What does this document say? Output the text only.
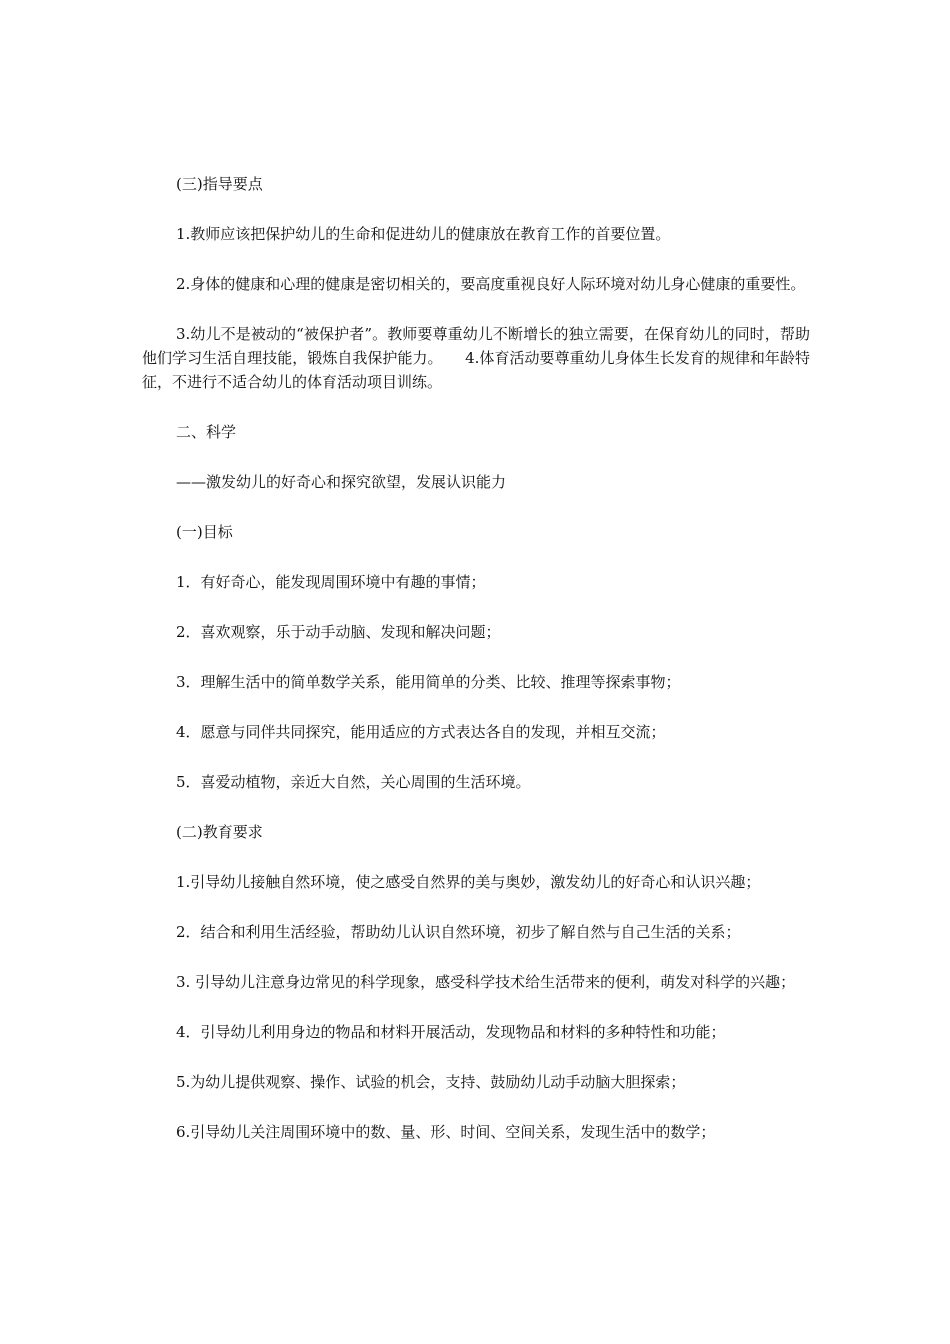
(三)指导要点

1.教师应该把保护幼儿的生命和促进幼儿的健康放在教育工作的首要位置。

2.身体的健康和心理的健康是密切相关的，要高度重视良好人际环境对幼儿身心健康的重要性。

3.幼儿不是被动的“被保护者”。教师要尊重幼儿不断增长的独立需要，在保育幼儿的同时，帮助他们学习生活自理技能，锻炼自我保护能力。　　4.体育活动要尊重幼儿身体生长发育的规律和年龄特征，不进行不适合幼儿的体育活动项目训练。

二、科学

——激发幼儿的好奇心和探究欲望，发展认识能力

(一)目标

1．有好奇心，能发现周围环境中有趣的事情；

2．喜欢观察，乐于动手动脑、发现和解决问题；

3．理解生活中的简单数学关系，能用简单的分类、比较、推理等探索事物；

4．愿意与同伴共同探究，能用适应的方式表达各自的发现，并相互交流；

5．喜爱动植物，亲近大自然，关心周围的生活环境。

(二)教育要求

1.引导幼儿接触自然环境，使之感受自然界的美与奥妙，激发幼儿的好奇心和认识兴趣；

2．结合和利用生活经验，帮助幼儿认识自然环境，初步了解自然与自己生活的关系；

3. 引导幼儿注意身边常见的科学现象，感受科学技术给生活带来的便利，萌发对科学的兴趣；

4．引导幼儿利用身边的物品和材料开展活动，发现物品和材料的多种特性和功能；

5.为幼儿提供观察、操作、试验的机会，支持、鼓励幼儿动手动脑大胆探索；

6.引导幼儿关注周围环境中的数、量、形、时间、空间关系，发现生活中的数学；
